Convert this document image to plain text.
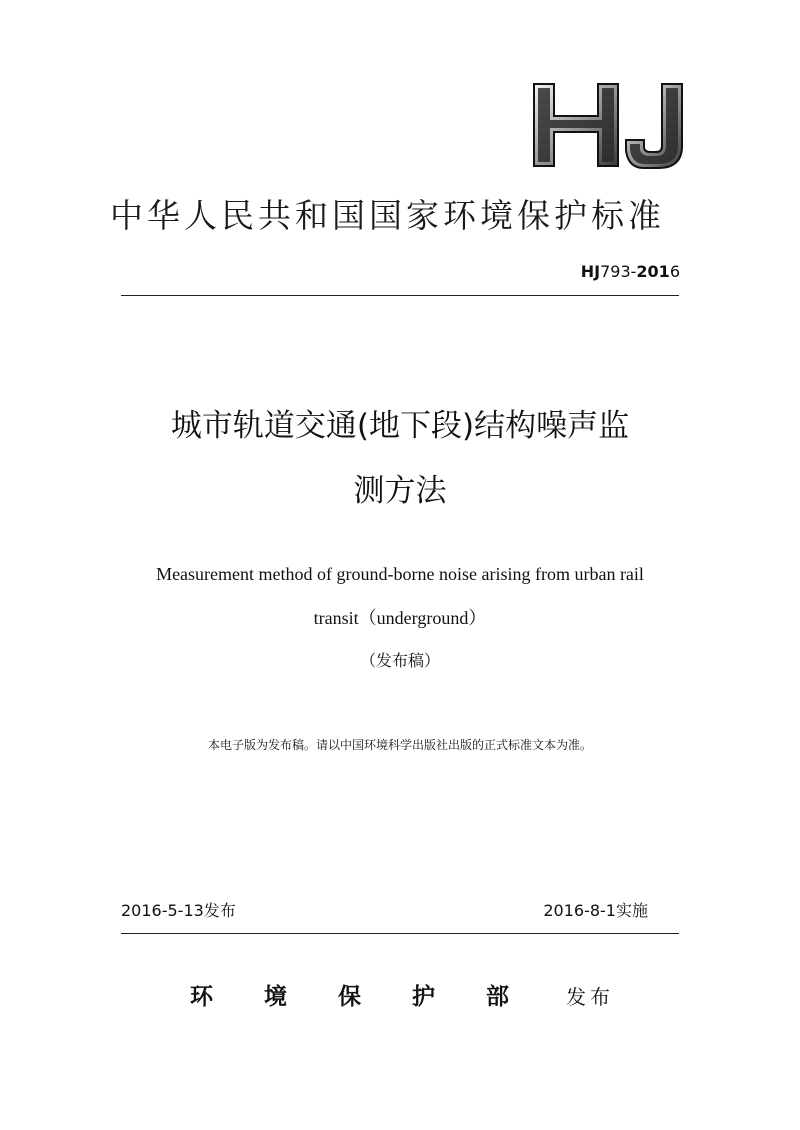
HJ
中华人民共和国国家环境保护标准
HJ793-2016
城市轨道交通(地下段)结构噪声监
测方法
Measurement method of ground-borne noise arising from urban rail
transit（underground）
（发布稿）
本电子版为发布稿。请以中国环境科学出版社出版的正式标准文本为准。
2016-5-13发布	2016-8-1实施
环	境	保	护	部	发布
